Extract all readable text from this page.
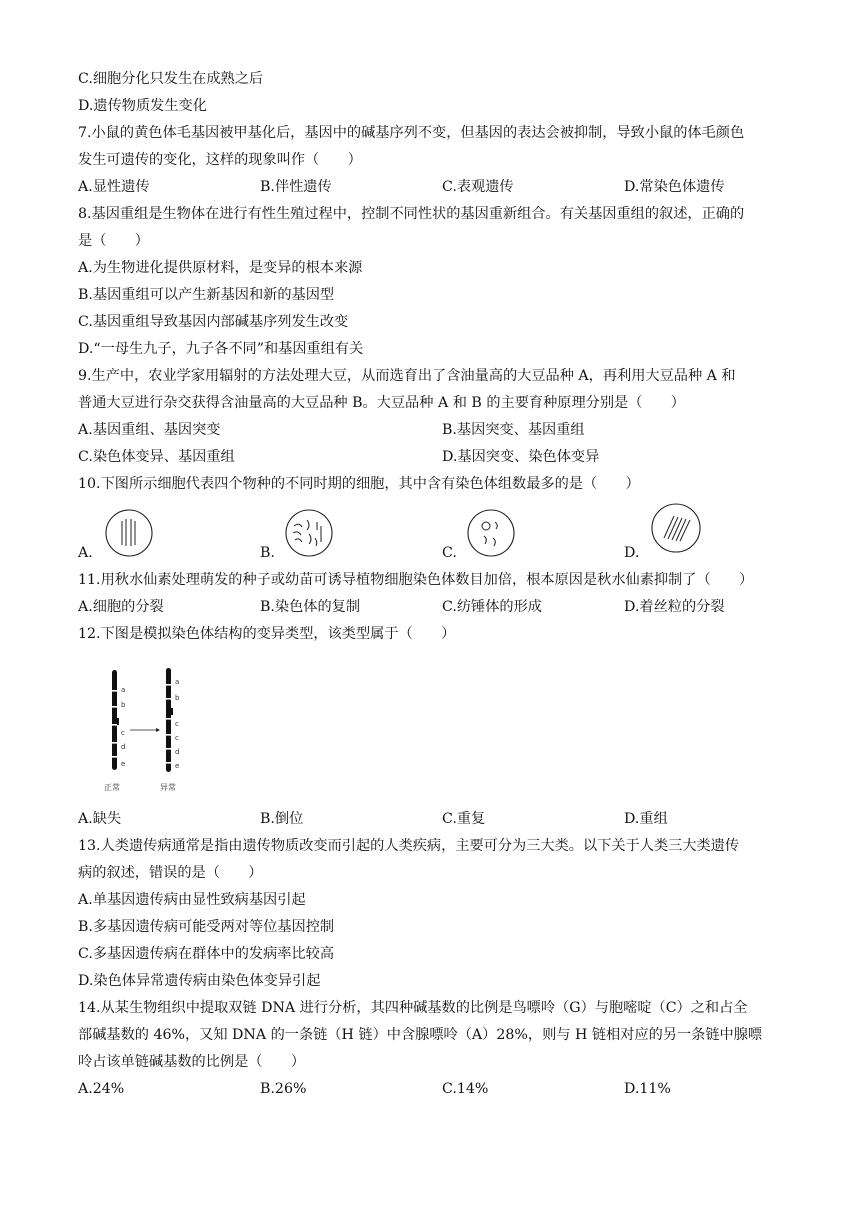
C.细胞分化只发生在成熟之后
D.遗传物质发生变化
7.小鼠的黄色体毛基因被甲基化后，基因中的碱基序列不变，但基因的表达会被抑制，导致小鼠的体毛颜色
发生可遗传的变化，这样的现象叫作（　　）
A.显性遗传	B.伴性遗传	C.表观遗传	D.常染色体遗传
8.基因重组是生物体在进行有性生殖过程中，控制不同性状的基因重新组合。有关基因重组的叙述，正确的
是（　　）
A.为生物进化提供原材料，是变异的根本来源
B.基因重组可以产生新基因和新的基因型
C.基因重组导致基因内部碱基序列发生改变
D.“一母生九子，九子各不同”和基因重组有关
9.生产中，农业学家用辐射的方法处理大豆，从而选育出了含油量高的大豆品种 A，再利用大豆品种 A 和
普通大豆进行杂交获得含油量高的大豆品种 B。大豆品种 A 和 B 的主要育种原理分别是（　　）
A.基因重组、基因突变	B.基因突变、基因重组
C.染色体变异、基因重组	D.基因突变、染色体变异
10.下图所示细胞代表四个物种的不同时期的细胞，其中含有染色体组数最多的是（　　）
A.	B.	C.	D.
11.用秋水仙素处理萌发的种子或幼苗可诱导植物细胞染色体数目加倍，根本原因是秋水仙素抑制了（　　）
A.细胞的分裂	B.染色体的复制	C.纺锤体的形成	D.着丝粒的分裂
12.下图是模拟染色体结构的变异类型，该类型属于（　　）
a
b
c
d
e
a
b
c
c
d
e
正常	异常
A.缺失	B.倒位	C.重复	D.重组
13.人类遗传病通常是指由遗传物质改变而引起的人类疾病，主要可分为三大类。以下关于人类三大类遗传
病的叙述，错误的是（　　）
A.单基因遗传病由显性致病基因引起
B.多基因遗传病可能受两对等位基因控制
C.多基因遗传病在群体中的发病率比较高
D.染色体异常遗传病由染色体变异引起
14.从某生物组织中提取双链 DNA 进行分析，其四种碱基数的比例是鸟嘌呤（G）与胞嘧啶（C）之和占全
部碱基数的 46%，又知 DNA 的一条链（H 链）中含腺嘌呤（A）28%，则与 H 链相对应的另一条链中腺嘌
呤占该单链碱基数的比例是（　　）
A.24%	B.26%	C.14%	D.11%
